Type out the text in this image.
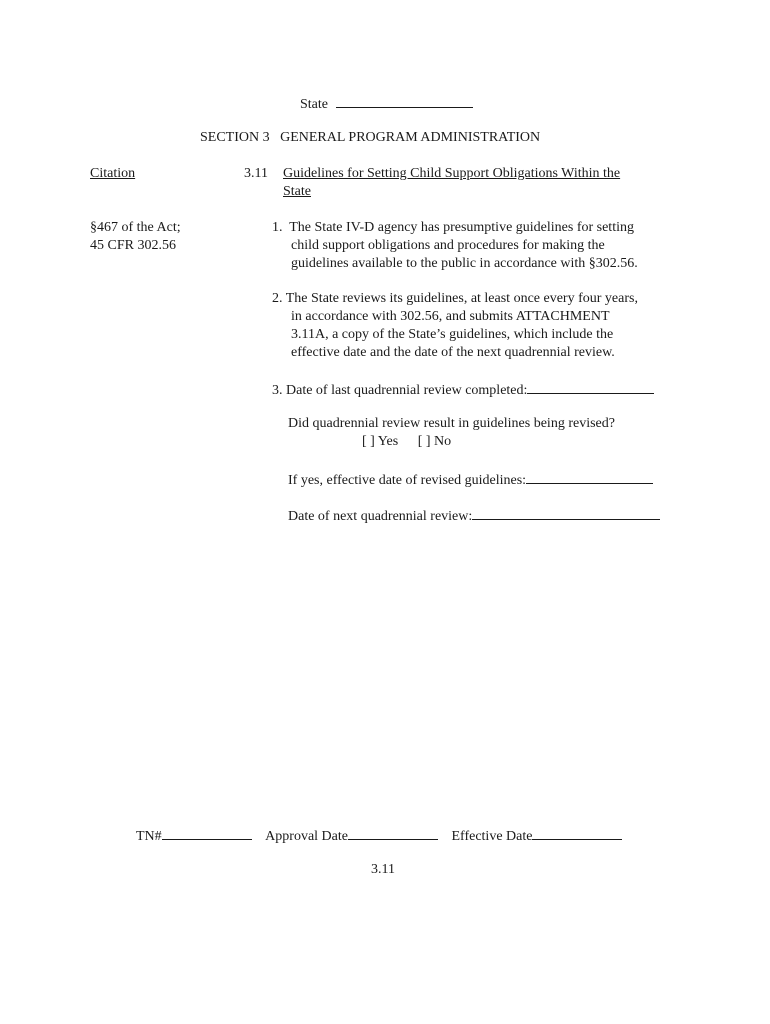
State
SECTION 3   GENERAL PROGRAM ADMINISTRATION
Citation
§467 of the Act;
45 CFR 302.56
3.11 Guidelines for Setting Child Support Obligations Within the
State
1.  The State IV-D agency has presumptive guidelines for setting
child support obligations and procedures for making the
guidelines available to the public in accordance with §302.56.
2. The State reviews its guidelines, at least once every four years,
in accordance with 302.56, and submits ATTACHMENT
3.11A, a copy of the State’s guidelines, which include the
effective date and the date of the next quadrennial review.
3. Date of last quadrennial review completed:
Did quadrennial review result in guidelines being revised?
[ ] Yes [ ] No
If yes, effective date of revised guidelines:
Date of next quadrennial review:
TN#	Approval Date	Effective Date
3.11
